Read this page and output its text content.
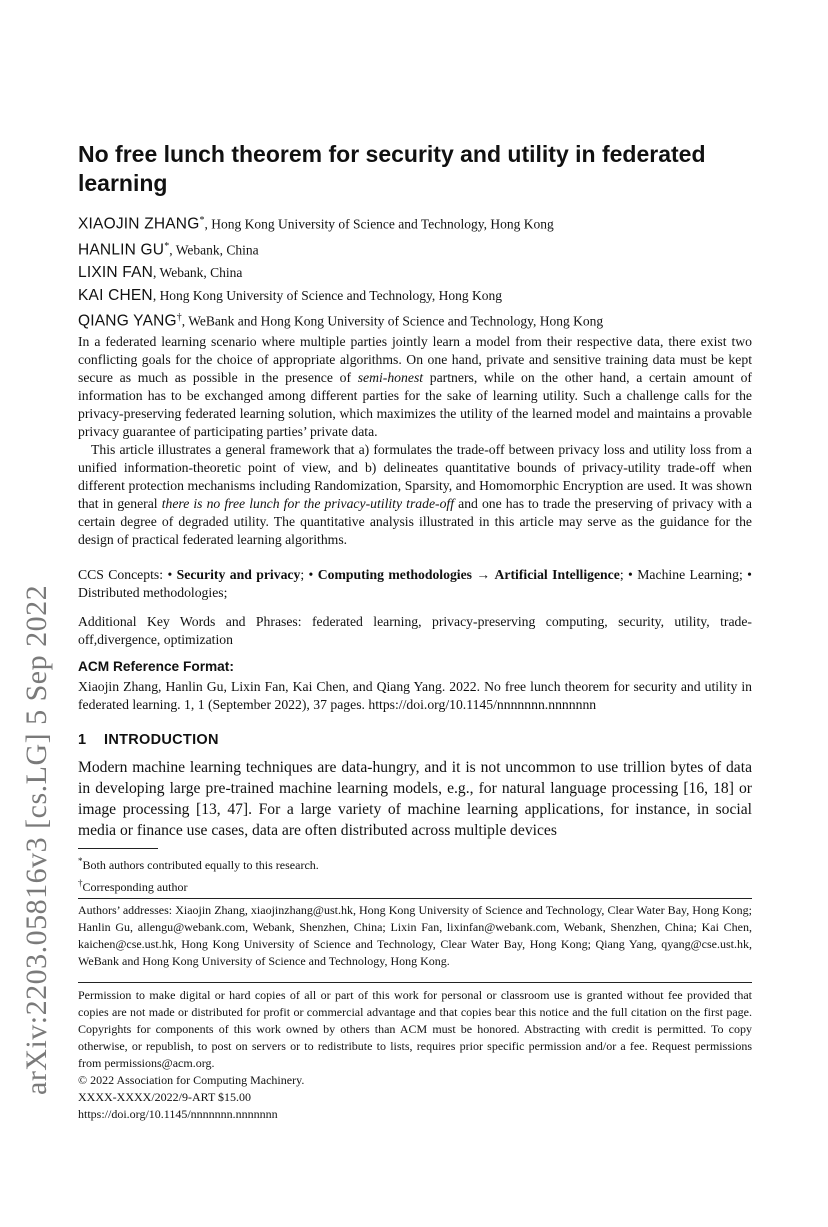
arXiv:2203.05816v3 [cs.LG] 5 Sep 2022
No free lunch theorem for security and utility in federated
learning
XIAOJIN ZHANG*, Hong Kong University of Science and Technology, Hong Kong
HANLIN GU*, Webank, China
LIXIN FAN, Webank, China
KAI CHEN, Hong Kong University of Science and Technology, Hong Kong
QIANG YANG†, WeBank and Hong Kong University of Science and Technology, Hong Kong

In a federated learning scenario where multiple parties jointly learn a model from their respective data, there exist two conflicting goals for the choice of appropriate algorithms. On one hand, private and sensitive training data must be kept secure as much as possible in the presence of semi-honest partners, while on the other hand, a certain amount of information has to be exchanged among different parties for the sake of learning utility. Such a challenge calls for the privacy-preserving federated learning solution, which maximizes the utility of the learned model and maintains a provable privacy guarantee of participating parties’ private data.

This article illustrates a general framework that a) formulates the trade-off between privacy loss and utility loss from a unified information-theoretic point of view, and b) delineates quantitative bounds of privacy-utility trade-off when different protection mechanisms including Randomization, Sparsity, and Homomorphic Encryption are used. It was shown that in general there is no free lunch for the privacy-utility trade-off and one has to trade the preserving of privacy with a certain degree of degraded utility. The quantitative analysis illustrated in this article may serve as the guidance for the design of practical federated learning algorithms.

CCS Concepts: • Security and privacy; • Computing methodologies → Artificial Intelligence; • Machine Learning; • Distributed methodologies;
Additional Key Words and Phrases: federated learning, privacy-preserving computing, security, utility, trade-off,divergence, optimization
ACM Reference Format:
Xiaojin Zhang, Hanlin Gu, Lixin Fan, Kai Chen, and Qiang Yang. 2022. No free lunch theorem for security and utility in federated learning. 1, 1 (September 2022), 37 pages. https://doi.org/10.1145/nnnnnnn.nnnnnnn
1 INTRODUCTION
Modern machine learning techniques are data-hungry, and it is not uncommon to use trillion bytes of data in developing large pre-trained machine learning models, e.g., for natural language processing [16, 18] or image processing [13, 47]. For a large variety of machine learning applications, for instance, in social media or finance use cases, data are often distributed across multiple devices
*Both authors contributed equally to this research.
†Corresponding author
Authors’ addresses: Xiaojin Zhang, xiaojinzhang@ust.hk, Hong Kong University of Science and Technology, Clear Water Bay, Hong Kong; Hanlin Gu, allengu@webank.com, Webank, Shenzhen, China; Lixin Fan, lixinfan@webank.com, Webank, Shenzhen, China; Kai Chen, kaichen@cse.ust.hk, Hong Kong University of Science and Technology, Clear Water Bay, Hong Kong; Qiang Yang, qyang@cse.ust.hk, WeBank and Hong Kong University of Science and Technology, Hong Kong.
Permission to make digital or hard copies of all or part of this work for personal or classroom use is granted without fee provided that copies are not made or distributed for profit or commercial advantage and that copies bear this notice and the full citation on the first page. Copyrights for components of this work owned by others than ACM must be honored. Abstracting with credit is permitted. To copy otherwise, or republish, to post on servers or to redistribute to lists, requires prior specific permission and/or a fee. Request permissions from permissions@acm.org.
© 2022 Association for Computing Machinery.
XXXX-XXXX/2022/9-ART $15.00
https://doi.org/10.1145/nnnnnnn.nnnnnnn
